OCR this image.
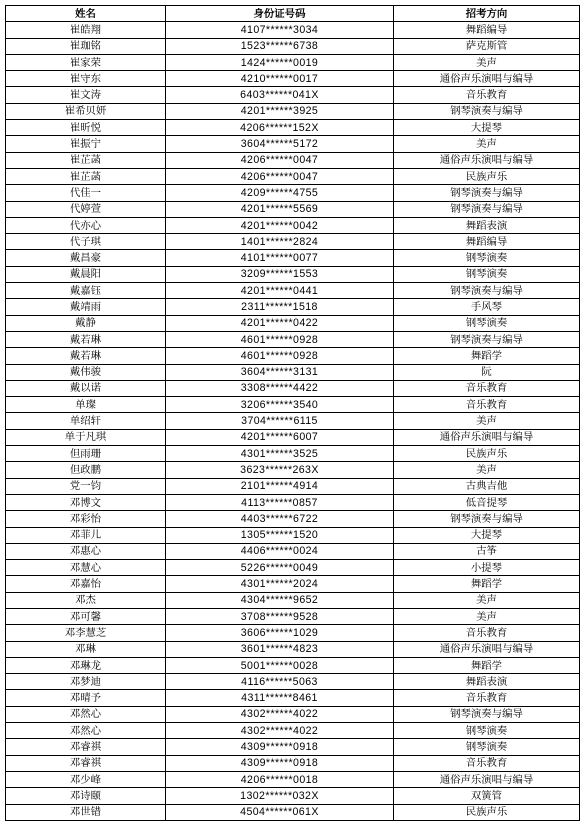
姓名	身份证号码	招考方向
崔皓翔	4107******3034	舞蹈编导
崔珈铭	1523******6738	萨克斯管
崔家荣	1424******0019	美声
崔守东	4210******0017	通俗声乐演唱与编导
崔文涛	6403******041X	音乐教育
崔希贝妍	4201******3925	钢琴演奏与编导
崔昕悦	4206******152X	大提琴
崔振宁	3604******5172	美声
崔芷菡	4206******0047	通俗声乐演唱与编导
崔芷菡	4206******0047	民族声乐
代佳一	4209******4755	钢琴演奏与编导
代婷萱	4201******5569	钢琴演奏与编导
代亦心	4201******0042	舞蹈表演
代子琪	1401******2824	舞蹈编导
戴昌豪	4101******0077	钢琴演奏
戴晨阳	3209******1553	钢琴演奏
戴嘉钰	4201******0441	钢琴演奏与编导
戴靖雨	2311******1518	手风琴
戴静	4201******0422	钢琴演奏
戴若琳	4601******0928	钢琴演奏与编导
戴若琳	4601******0928	舞蹈学
戴伟骏	3604******3131	阮
戴以诺	3308******4422	音乐教育
单璨	3206******3540	音乐教育
单绍轩	3704******6115	美声
单于凡琪	4201******6007	通俗声乐演唱与编导
但雨珊	4301******3525	民族声乐
但政鹏	3623******263X	美声
党一钧	2101******4914	古典吉他
邓博文	4113******0857	低音提琴
邓彩怡	4403******6722	钢琴演奏与编导
邓菲儿	1305******1520	大提琴
邓惠心	4406******0024	古筝
邓慧心	5226******0049	小提琴
邓嘉怡	4301******2024	舞蹈学
邓杰	4304******9652	美声
邓可馨	3708******9528	美声
邓李慧芝	3606******1029	音乐教育
邓琳	3601******4823	通俗声乐演唱与编导
邓琳龙	5001******0028	舞蹈学
邓梦迪	4116******5063	舞蹈表演
邓晴予	4311******8461	音乐教育
邓然心	4302******4022	钢琴演奏与编导
邓然心	4302******4022	钢琴演奏
邓睿祺	4309******0918	钢琴演奏
邓睿祺	4309******0918	音乐教育
邓少峰	4206******0018	通俗声乐演唱与编导
邓诗颐	1302******032X	双簧管
邓世错	4504******061X	民族声乐
